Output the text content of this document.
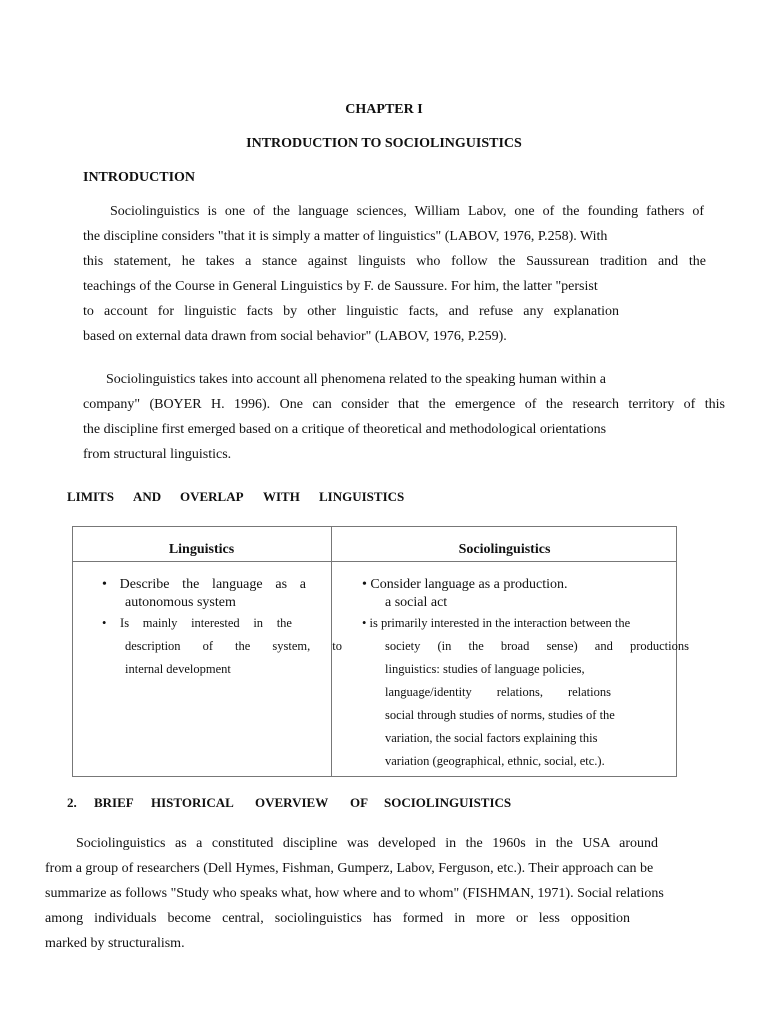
CHAPTER I
INTRODUCTION TO SOCIOLINGUISTICS
INTRODUCTION
Sociolinguistics is one of the language sciences, William Labov, one of the founding fathers of
the discipline considers "that it is simply a matter of linguistics" (LABOV, 1976, P.258). With
this statement, he takes a stance against linguists who follow the Saussurean tradition and the
teachings of the Course in General Linguistics by F. de Saussure. For him, the latter "persist
to account for linguistic facts by other linguistic facts, and refuse any explanation
based on external data drawn from social behavior" (LABOV, 1976, P.259).
Sociolinguistics takes into account all phenomena related to the speaking human within a
company" (BOYER H. 1996). One can consider that the emergence of the research territory of this
the discipline first emerged based on a critique of theoretical and methodological orientations
from structural linguistics.
LIMITS AND OVERLAP WITH LINGUISTICS
Linguistics	Sociolinguistics
• Describe the language as a
autonomous system
• Is mainly interested in the
description of the system, to
internal development
• Consider language as a production.
a social act
• is primarily interested in the interaction between the
society (in the broad sense) and productions
linguistics: studies of language policies,
language/identity relations, relations
social through studies of norms, studies of the
variation, the social factors explaining this
variation (geographical, ethnic, social, etc.).
2. BRIEF HISTORICAL OVERVIEW OF SOCIOLINGUISTICS
Sociolinguistics as a constituted discipline was developed in the 1960s in the USA around
from a group of researchers (Dell Hymes, Fishman, Gumperz, Labov, Ferguson, etc.). Their approach can be
summarize as follows "Study who speaks what, how where and to whom" (FISHMAN, 1971). Social relations
among individuals become central, sociolinguistics has formed in more or less opposition
marked by structuralism.
